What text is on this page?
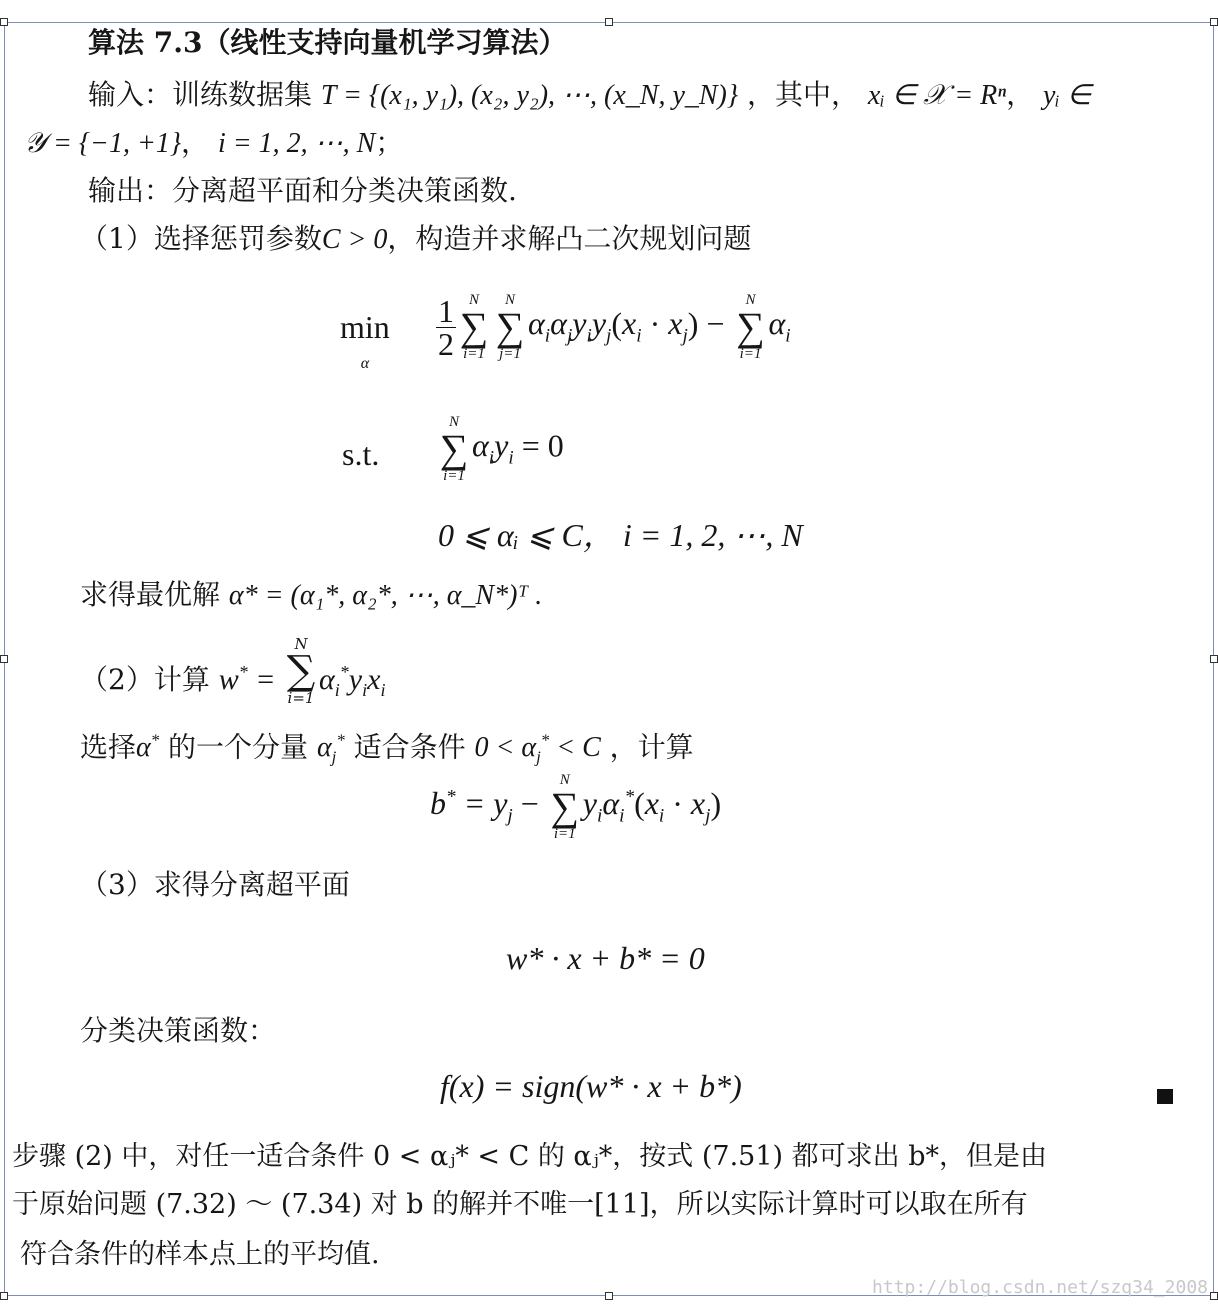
算法 7.3（线性支持向量机学习算法）
输入：训练数据集 T = {(x₁, y₁), (x₂, y₂), ⋯, (x_N, y_N)} ，其中， xᵢ ∈ 𝒳 = Rⁿ， yᵢ ∈
𝒴 = {−1, +1}， i = 1, 2, ⋯, N；
输出：分离超平面和分类决策函数.
（1）选择惩罚参数C > 0，构造并求解凸二次规划问题
min
α
$\frac{1}{2}$ N
∑
i=1
N
∑
j=1
$\alpha_i\alpha_jy_iy_j(x_i \cdot x_j)$ −
N
∑
i=1
$\alpha_i$
s.t.
N
∑
i=1
$\alpha_iy_i = 0$
0 ⩽ αᵢ ⩽ C， i = 1, 2, ⋯, N
求得最优解 α* = (α₁*, α₂*, ⋯, α_N*)ᵀ .
（2）计算 w* =
N
∑
i=1
$\alpha_i^*y_ix_i$
选择α* 的一个分量 $\alpha_j^*$ 适合条件 $0 < \alpha_j^* < C$ ，计算
$b^* = y_j$ −
N
∑
i=1
$y_i\alpha_i^*(x_i \cdot x_j)$
（3）求得分离超平面
w* · x + b* = 0
分类决策函数：
f(x) = sign(w* · x + b*)
步骤 (2) 中，对任一适合条件 0 < αⱼ* < C 的 αⱼ*，按式 (7.51) 都可求出 b*，但是由
于原始问题 (7.32) ～ (7.34) 对 b 的解并不唯一[11]，所以实际计算时可以取在所有
符合条件的样本点上的平均值.
http://blog.csdn.net/szq34_2008
